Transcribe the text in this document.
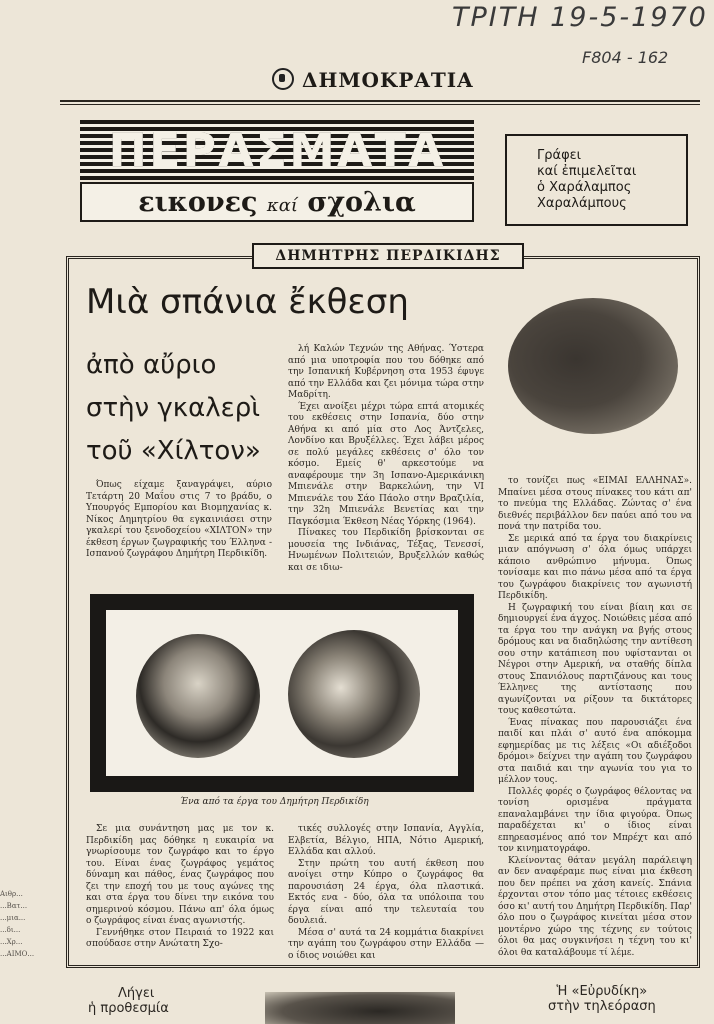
ΤΡΙΤΗ 19-5-1970
F804 - 162
ΔΗΜΟΚΡΑΤΙΑ
ΠΕΡΑΣΜΑΤΑ
εικονες καί σχολια
Γράφει
καί ἐπιμελεῖται
ὁ Χαράλαμπος
Χαραλάμπους
ΔΗΜΗΤΡΗΣ ΠΕΡΔΙΚΙΔΗΣ
Μιὰ σπάνια ἔκθεση
ἀπὸ αὔριο
στὴν γκαλερὶ
τοῦ «Χίλτον»

Όπως είχαμε ξαναγράψει, αύριο Τετάρτη 20 Μαΐου στις 7 το βράδυ, ο Υπουργός Εμπορίου και Βιομηχανίας κ. Νίκος Δημητρίου θα εγκαινιάσει στην γκαλερί του ξενοδοχείου «ΧΙΛΤΟΝ» την έκθεση έργων ζωγραφικής του Έλληνα - Ισπανού ζωγράφου Δημήτρη Περδικίδη.

λή Καλών Τεχνών της Αθήνας. Ύστερα από μια υποτροφία που του δόθηκε από την Ισπανική Κυβέρνηση στα 1953 έφυγε από την Ελλάδα και ζει μόνιμα τώρα στην Μαδρίτη.

Έχει ανοίξει μέχρι τώρα επτά ατομικές του εκθέσεις στην Ισπανία, δύο στην Αθήνα κι από μία στο Λος Άντζελες, Λονδίνο και Βρυξέλλες. Έχει λάβει μέρος σε πολύ μεγάλες εκθέσεις σ' όλο τον κόσμο. Εμείς θ' αρκεστούμε να αναφέρουμε την 3η Ισπανο-Αμερικάνικη Μπιενάλε στην Βαρκελώνη, την VI Μπιενάλε του Σάο Πάολο στην Βραζιλία, την 32η Μπιενάλε Βενετίας και την Παγκόσμια Έκθεση Νέας Υόρκης (1964).

Πίνακες του Περδικίδη βρίσκονται σε μουσεία της Ινδιάνας, Τέξας, Τενεσσί, Ηνωμένων Πολιτειών, Βρυξελλών καθώς και σε ιδιω-

το τονίζει πως «ΕΙΜΑΙ ΕΛΛΗΝΑΣ». Μπαίνει μέσα στους πίνακες του κάτι απ' το πνεύμα της Ελλάδας. Ζώντας σ' ένα διεθνές περιβάλλον δεν παύει από του να πονά την πατρίδα του.

Σε μερικά από τα έργα του διακρίνεις μιαν απόγνωση σ' όλα όμως υπάρχει κάποιο ανθρώπινο μήνυμα. Όπως τονίσαμε και πιο πάνω μέσα από τα έργα του ζωγράφου διακρίνεις τον αγωνιστή Περδικίδη.

Η ζωγραφική του είναι βίαιη και σε δημιουργεί ένα άγχος. Νοιώθεις μέσα από τα έργα του την ανάγκη να βγής στους δρόμους και να διαδηλώσης την αντίθεση σου στην κατάπιεση που υφίστανται οι Νέγροι στην Αμερική, να σταθής δίπλα στους Σπανιόλους παρτιζάνους και τους Έλληνες της αντίστασης που αγωνίζονται να ρίξουν τα δικτάτορες τους καθεστώτα.

Ένας πίνακας που παρουσιάζει ένα παιδί και πλάι σ' αυτό ένα απόκομμα εφημερίδας με τις λέξεις «Οι αδιέξοδοι δρόμοι» δείχνει την αγάπη του ζωγράφου στα παιδιά και την αγωνία του για το μέλλον τους.

Πολλές φορές ο ζωγράφος θέλοντας να τονίση ορισμένα πράγματα επαναλαμβάνει την ίδια φιγούρα. Όπως παραδέχεται κι' ο ίδιος είναι επηρεασμένος από τον Μπρέχτ και από τον κινηματογράφο.

Κλείνοντας θάταν μεγάλη παράλειψη αν δεν αναφέραμε πως είναι μια έκθεση που δεν πρέπει να χάση κανείς. Σπάνια έρχονται στον τόπο μας τέτοιες εκθέσεις όσο κι' αυτή του Δημήτρη Περδικίδη. Παρ' όλο που ο ζωγράφος κινείται μέσα στον μοντέρνο χώρο της τέχνης εν τούτοις όλοι θα μας συγκινήσει η τέχνη του κι' όλοι θα καταλάβουμε τί λέμε.

Ένα από τα έργα του Δημήτρη Περδικίδη

Σε μια συνάντηση μας με τον κ. Περδικίδη μας δόθηκε η ευκαιρία να γνωρίσουμε τον ζωγράφο και το έργο του. Είναι ένας ζωγράφος γεμάτος δύναμη και πάθος, ένας ζωγράφος που ζει την εποχή του με τους αγώνες της και στα έργα του δίνει την εικόνα του σημερινού κόσμου. Πάνω απ' όλα όμως ο ζωγράφος είναι ένας αγωνιστής.

Γεννήθηκε στον Πειραιά το 1922 και σπούδασε στην Ανώτατη Σχο-

τικές συλλογές στην Ισπανία, Αγγλία, Ελβετία, Βέλγιο, ΗΠΑ, Νότιο Αμερική, Ελλάδα και αλλού.

Στην πρώτη του αυτή έκθεση που ανοίγει στην Κύπρο ο ζωγράφος θα παρουσιάση 24 έργα, όλα πλαστικά. Εκτός ενα - δύο, όλα τα υπόλοιπα του έργα είναι από την τελευταία του δουλειά.

Μέσα σ' αυτά τα 24 κομμάτια διακρίνει την αγάπη του ζωγράφου στην Ελλάδα — ο ίδιος νοιώθει και

Λήγει
ἡ προθεσμία
Ἡ «Εὐρυδίκη»
στὴν τηλεόραση
Αιθρ...
...Βατ...
...μια...
...δι...
...Χρ...
...ΑΙΜΟ...
